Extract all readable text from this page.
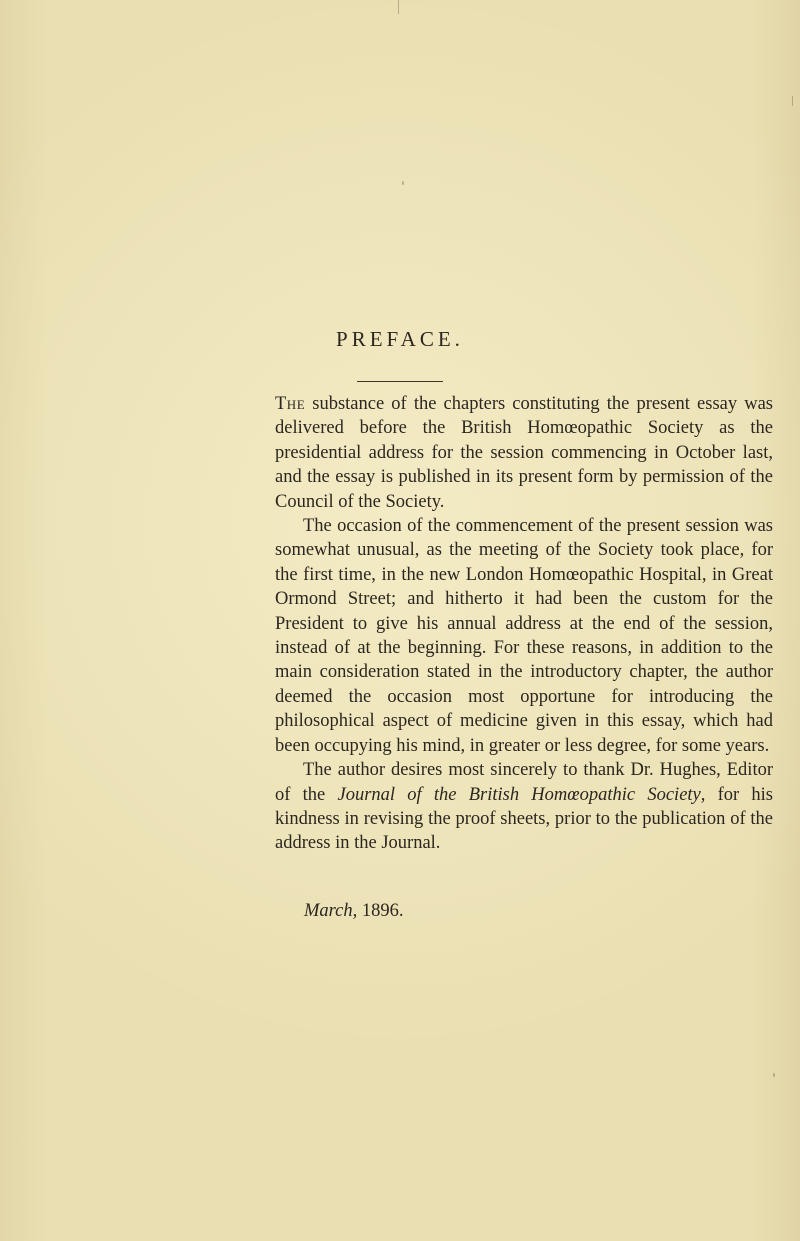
PREFACE.

The substance of the chapters constituting the present essay was delivered before the British Homœopathic Society as the presidential address for the session commencing in October last, and the essay is published in its present form by permission of the Council of the Society.

The occasion of the commencement of the present session was somewhat unusual, as the meeting of the Society took place, for the first time, in the new London Homœopathic Hospital, in Great Ormond Street; and hitherto it had been the custom for the President to give his annual address at the end of the session, instead of at the beginning. For these reasons, in addition to the main consideration stated in the introductory chapter, the author deemed the occasion most opportune for introducing the philosophical aspect of medicine given in this essay, which had been occupying his mind, in greater or less degree, for some years.

The author desires most sincerely to thank Dr. Hughes, Editor of the Journal of the British Homœopathic Society, for his kindness in revising the proof sheets, prior to the publication of the address in the Journal.

March, 1896.
